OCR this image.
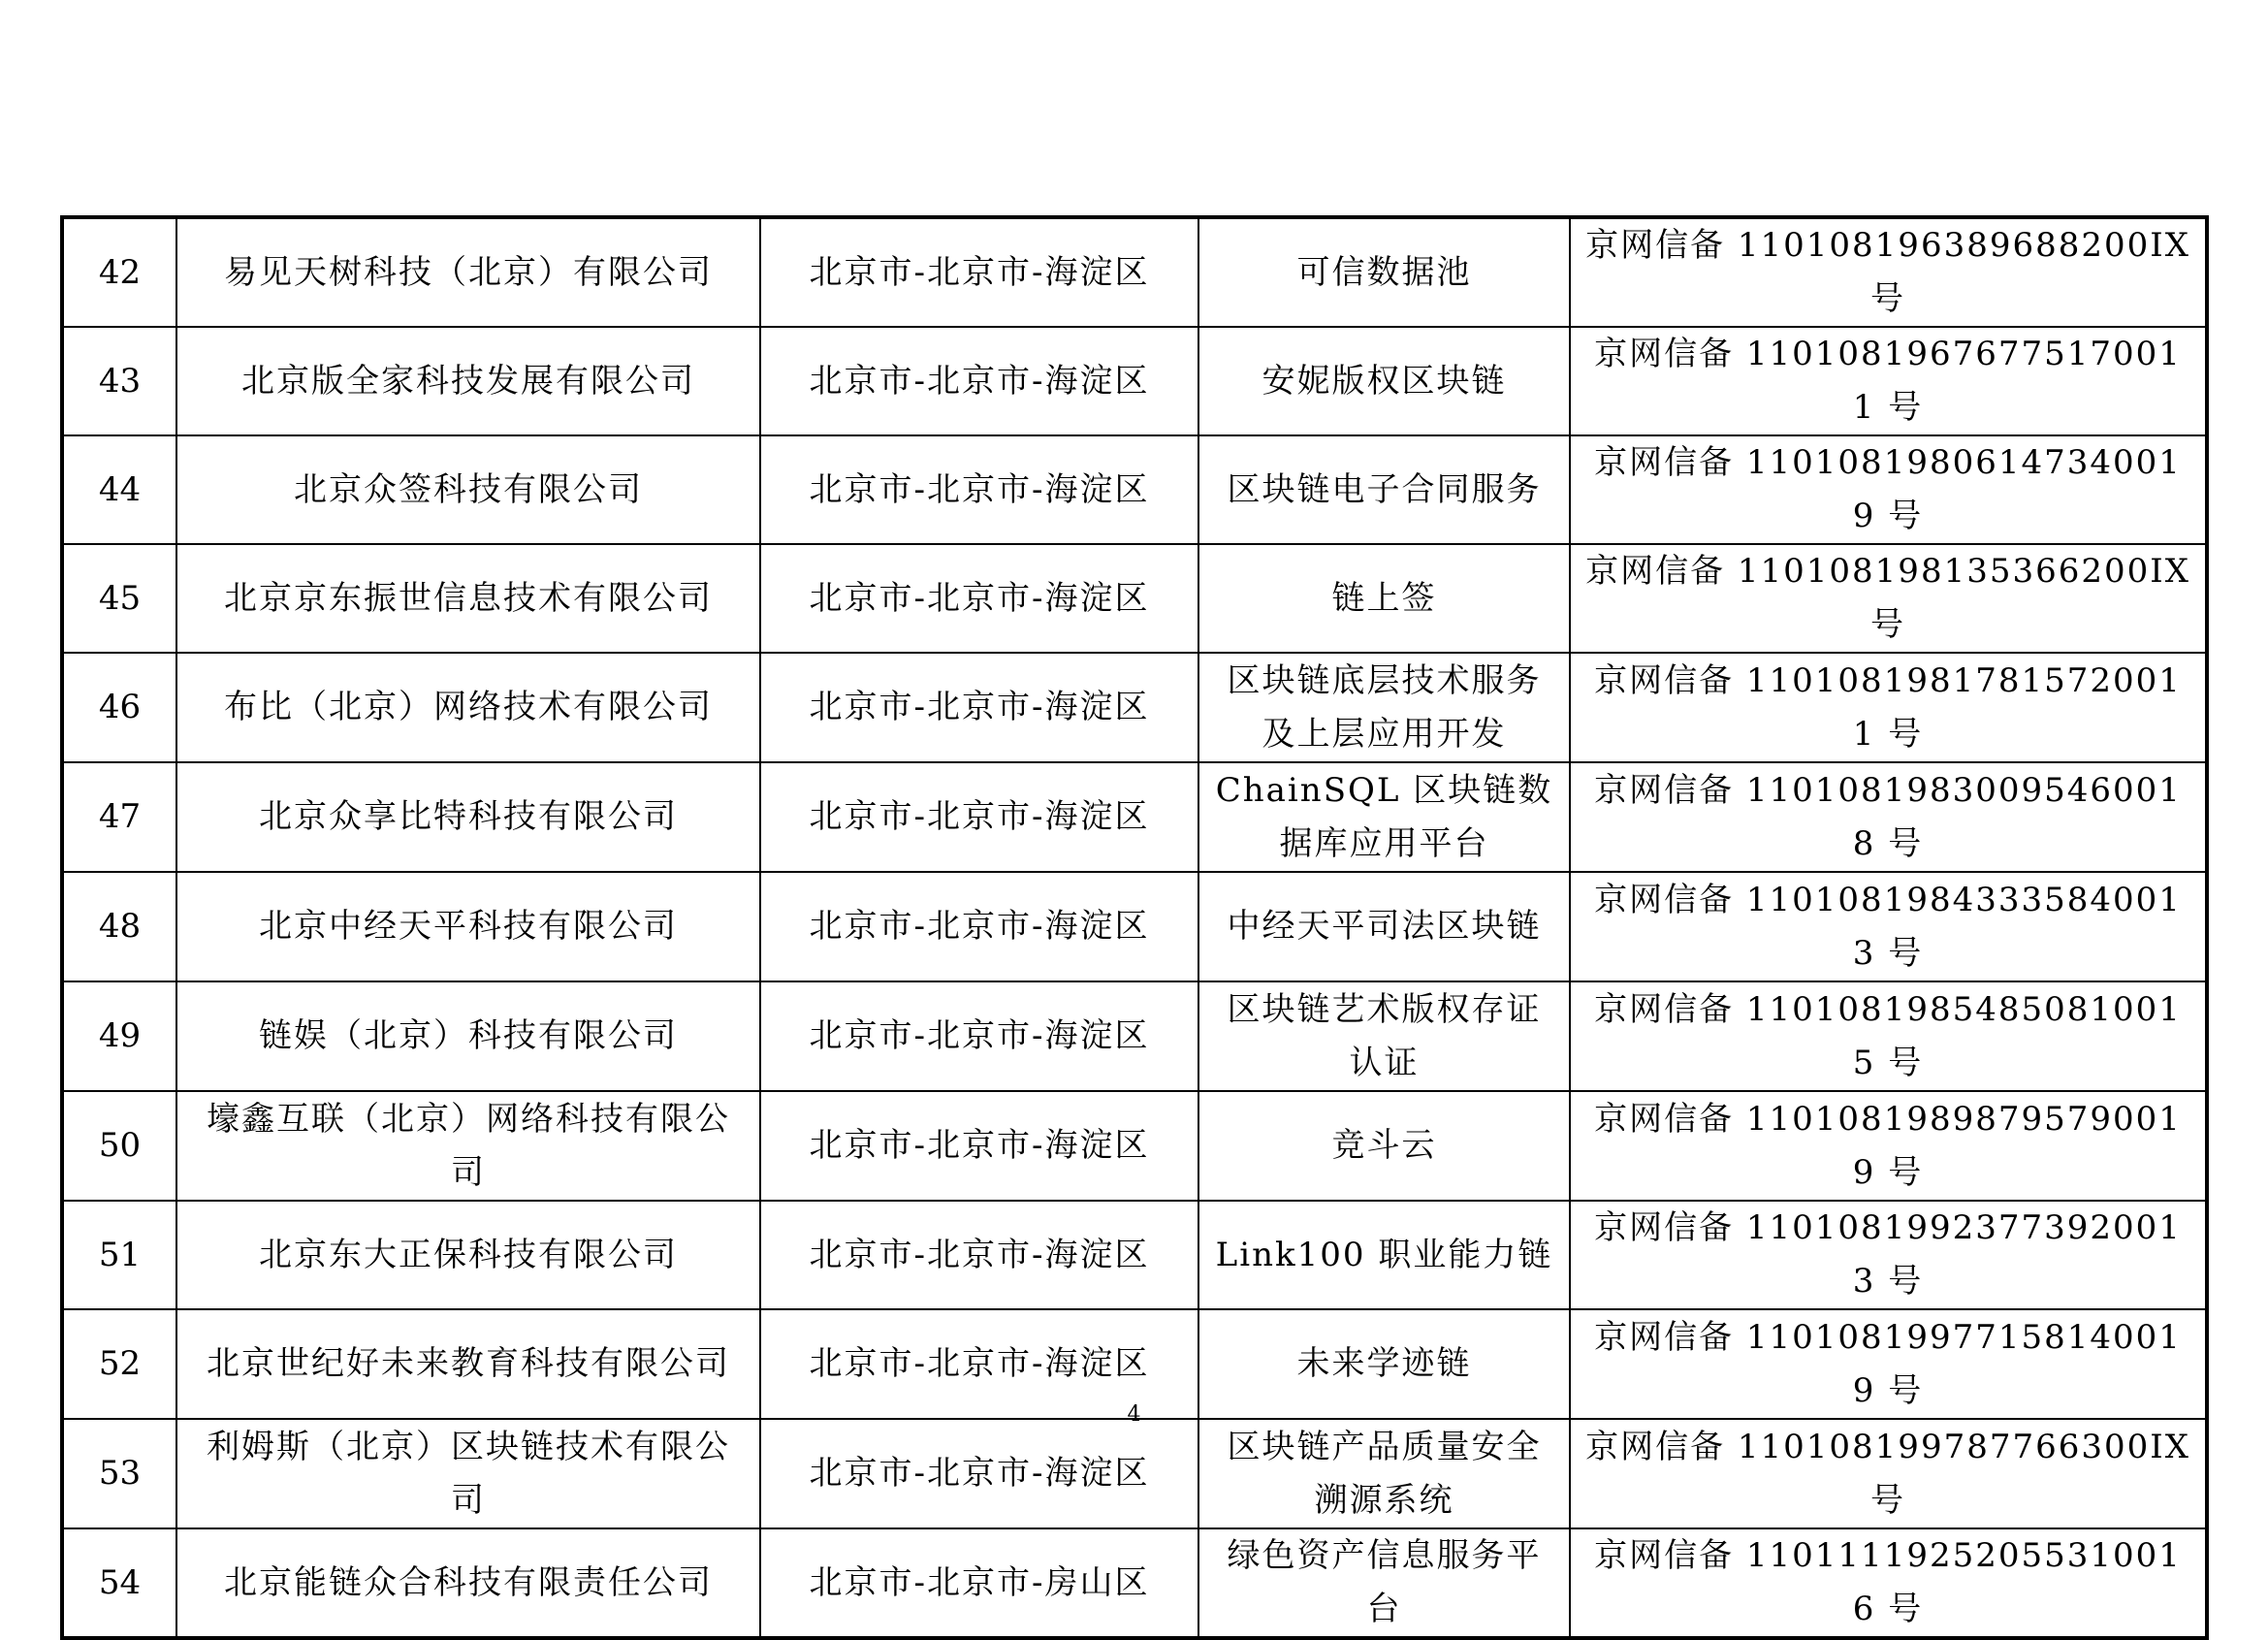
42	易见天树科技（北京）有限公司	北京市-北京市-海淀区	可信数据池	京网信备 110108196389688200IX 号
43	北京版全家科技发展有限公司	北京市-北京市-海淀区	安妮版权区块链	京网信备 11010819676775170011 号
44	北京众签科技有限公司	北京市-北京市-海淀区	区块链电子合同服务	京网信备 11010819806147340019 号
45	北京京东振世信息技术有限公司	北京市-北京市-海淀区	链上签	京网信备 110108198135366200IX 号
46	布比（北京）网络技术有限公司	北京市-北京市-海淀区	区块链底层技术服务及上层应用开发	京网信备 11010819817815720011 号
47	北京众享比特科技有限公司	北京市-北京市-海淀区	ChainSQL 区块链数据库应用平台	京网信备 11010819830095460018 号
48	北京中经天平科技有限公司	北京市-北京市-海淀区	中经天平司法区块链	京网信备 11010819843335840013 号
49	链娱（北京）科技有限公司	北京市-北京市-海淀区	区块链艺术版权存证认证	京网信备 11010819854850810015 号
50	壕鑫互联（北京）网络科技有限公司	北京市-北京市-海淀区	竞斗云	京网信备 11010819898795790019 号
51	北京东大正保科技有限公司	北京市-北京市-海淀区	Link100 职业能力链	京网信备 11010819923773920013 号
52	北京世纪好未来教育科技有限公司	北京市-北京市-海淀区	未来学迹链	京网信备 11010819977158140019 号
53	利姆斯（北京）区块链技术有限公司	北京市-北京市-海淀区	区块链产品质量安全溯源系统	京网信备 110108199787766300IX 号
54	北京能链众合科技有限责任公司	北京市-北京市-房山区	绿色资产信息服务平台	京网信备 11011119252055310016 号
4
